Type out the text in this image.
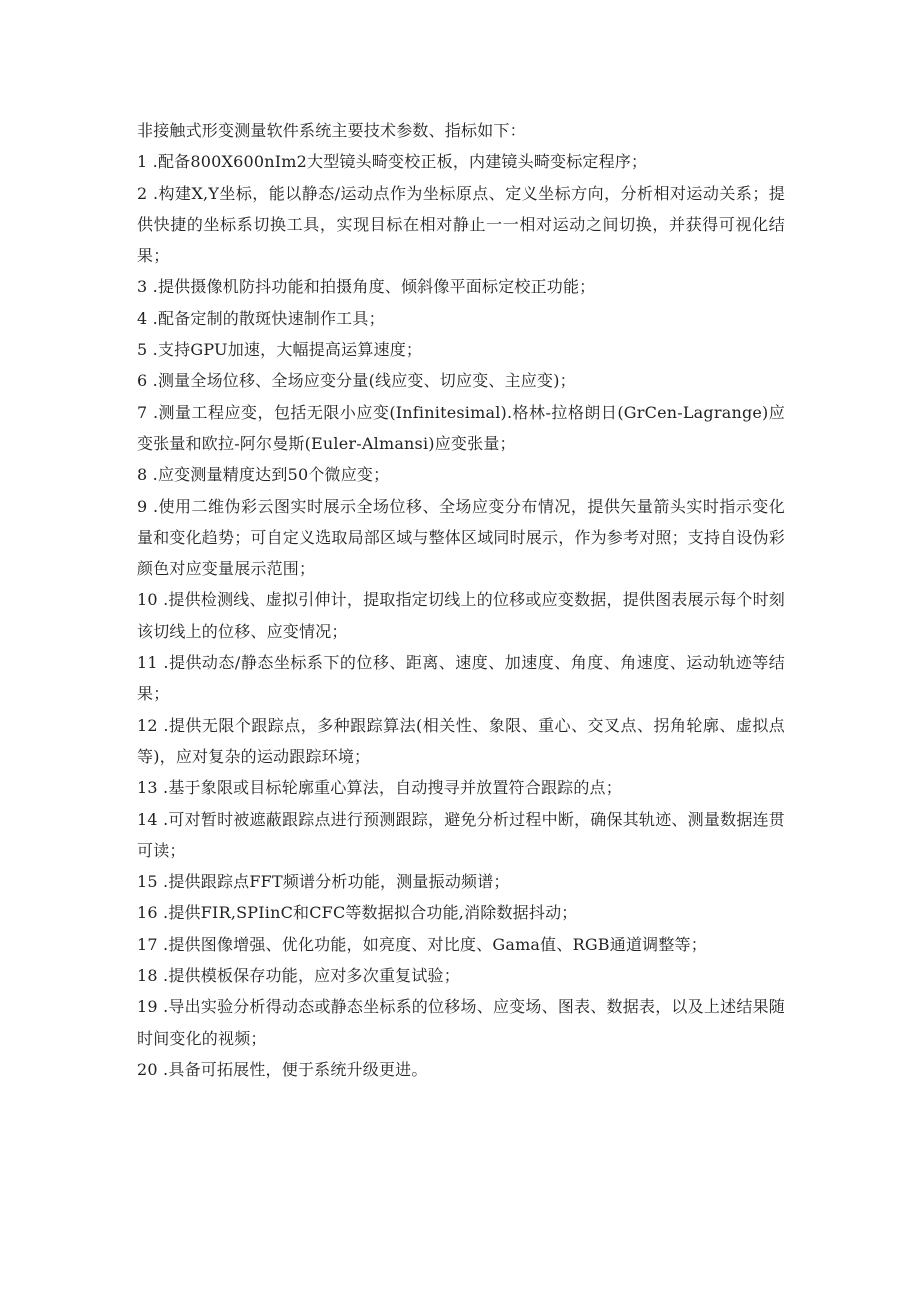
非接触式形变测量软件系统主要技术参数、指标如下：

1 .配备800X600nIm2大型镜头畸变校正板，内建镜头畸变标定程序；
2 .构建X,Y坐标，能以静态/运动点作为坐标原点、定义坐标方向，分析相对运动关系；提供快捷的坐标系切换工具，实现目标在相对静止一一相对运动之间切换，并获得可视化结果；
3 .提供摄像机防抖功能和拍摄角度、倾斜像平面标定校正功能；
4 .配备定制的散斑快速制作工具；
5 .支持GPU加速，大幅提高运算速度；
6 .测量全场位移、全场应变分量(线应变、切应变、主应变)；
7 .测量工程应变，包括无限小应变(Infinitesimal).格林-拉格朗日(GrCen-Lagrange)应变张量和欧拉-阿尔曼斯(Euler-Almansi)应变张量；
8 .应变测量精度达到50个微应变；
9 .使用二维伪彩云图实时展示全场位移、全场应变分布情况，提供矢量箭头实时指示变化量和变化趋势；可自定义选取局部区域与整体区域同时展示，作为参考对照；支持自设伪彩颜色对应变量展示范围；
10 .提供检测线、虚拟引伸计，提取指定切线上的位移或应变数据，提供图表展示每个时刻该切线上的位移、应变情况；
11 .提供动态/静态坐标系下的位移、距离、速度、加速度、角度、角速度、运动轨迹等结果；
12 .提供无限个跟踪点，多种跟踪算法(相关性、象限、重心、交叉点、拐角轮廓、虚拟点等)，应对复杂的运动跟踪环境；
13 .基于象限或目标轮廓重心算法，自动搜寻并放置符合跟踪的点；
14 .可对暂时被遮蔽跟踪点进行预测跟踪，避免分析过程中断，确保其轨迹、测量数据连贯可读；
15 .提供跟踪点FFT频谱分析功能，测量振动频谱；
16 .提供FIR,SPIinC和CFC等数据拟合功能,消除数据抖动；
17 .提供图像增强、优化功能，如亮度、对比度、Gama值、RGB通道调整等；
18 .提供模板保存功能，应对多次重复试验；
19 .导出实验分析得动态或静态坐标系的位移场、应变场、图表、数据表，以及上述结果随时间变化的视频；
20 .具备可拓展性，便于系统升级更进。
